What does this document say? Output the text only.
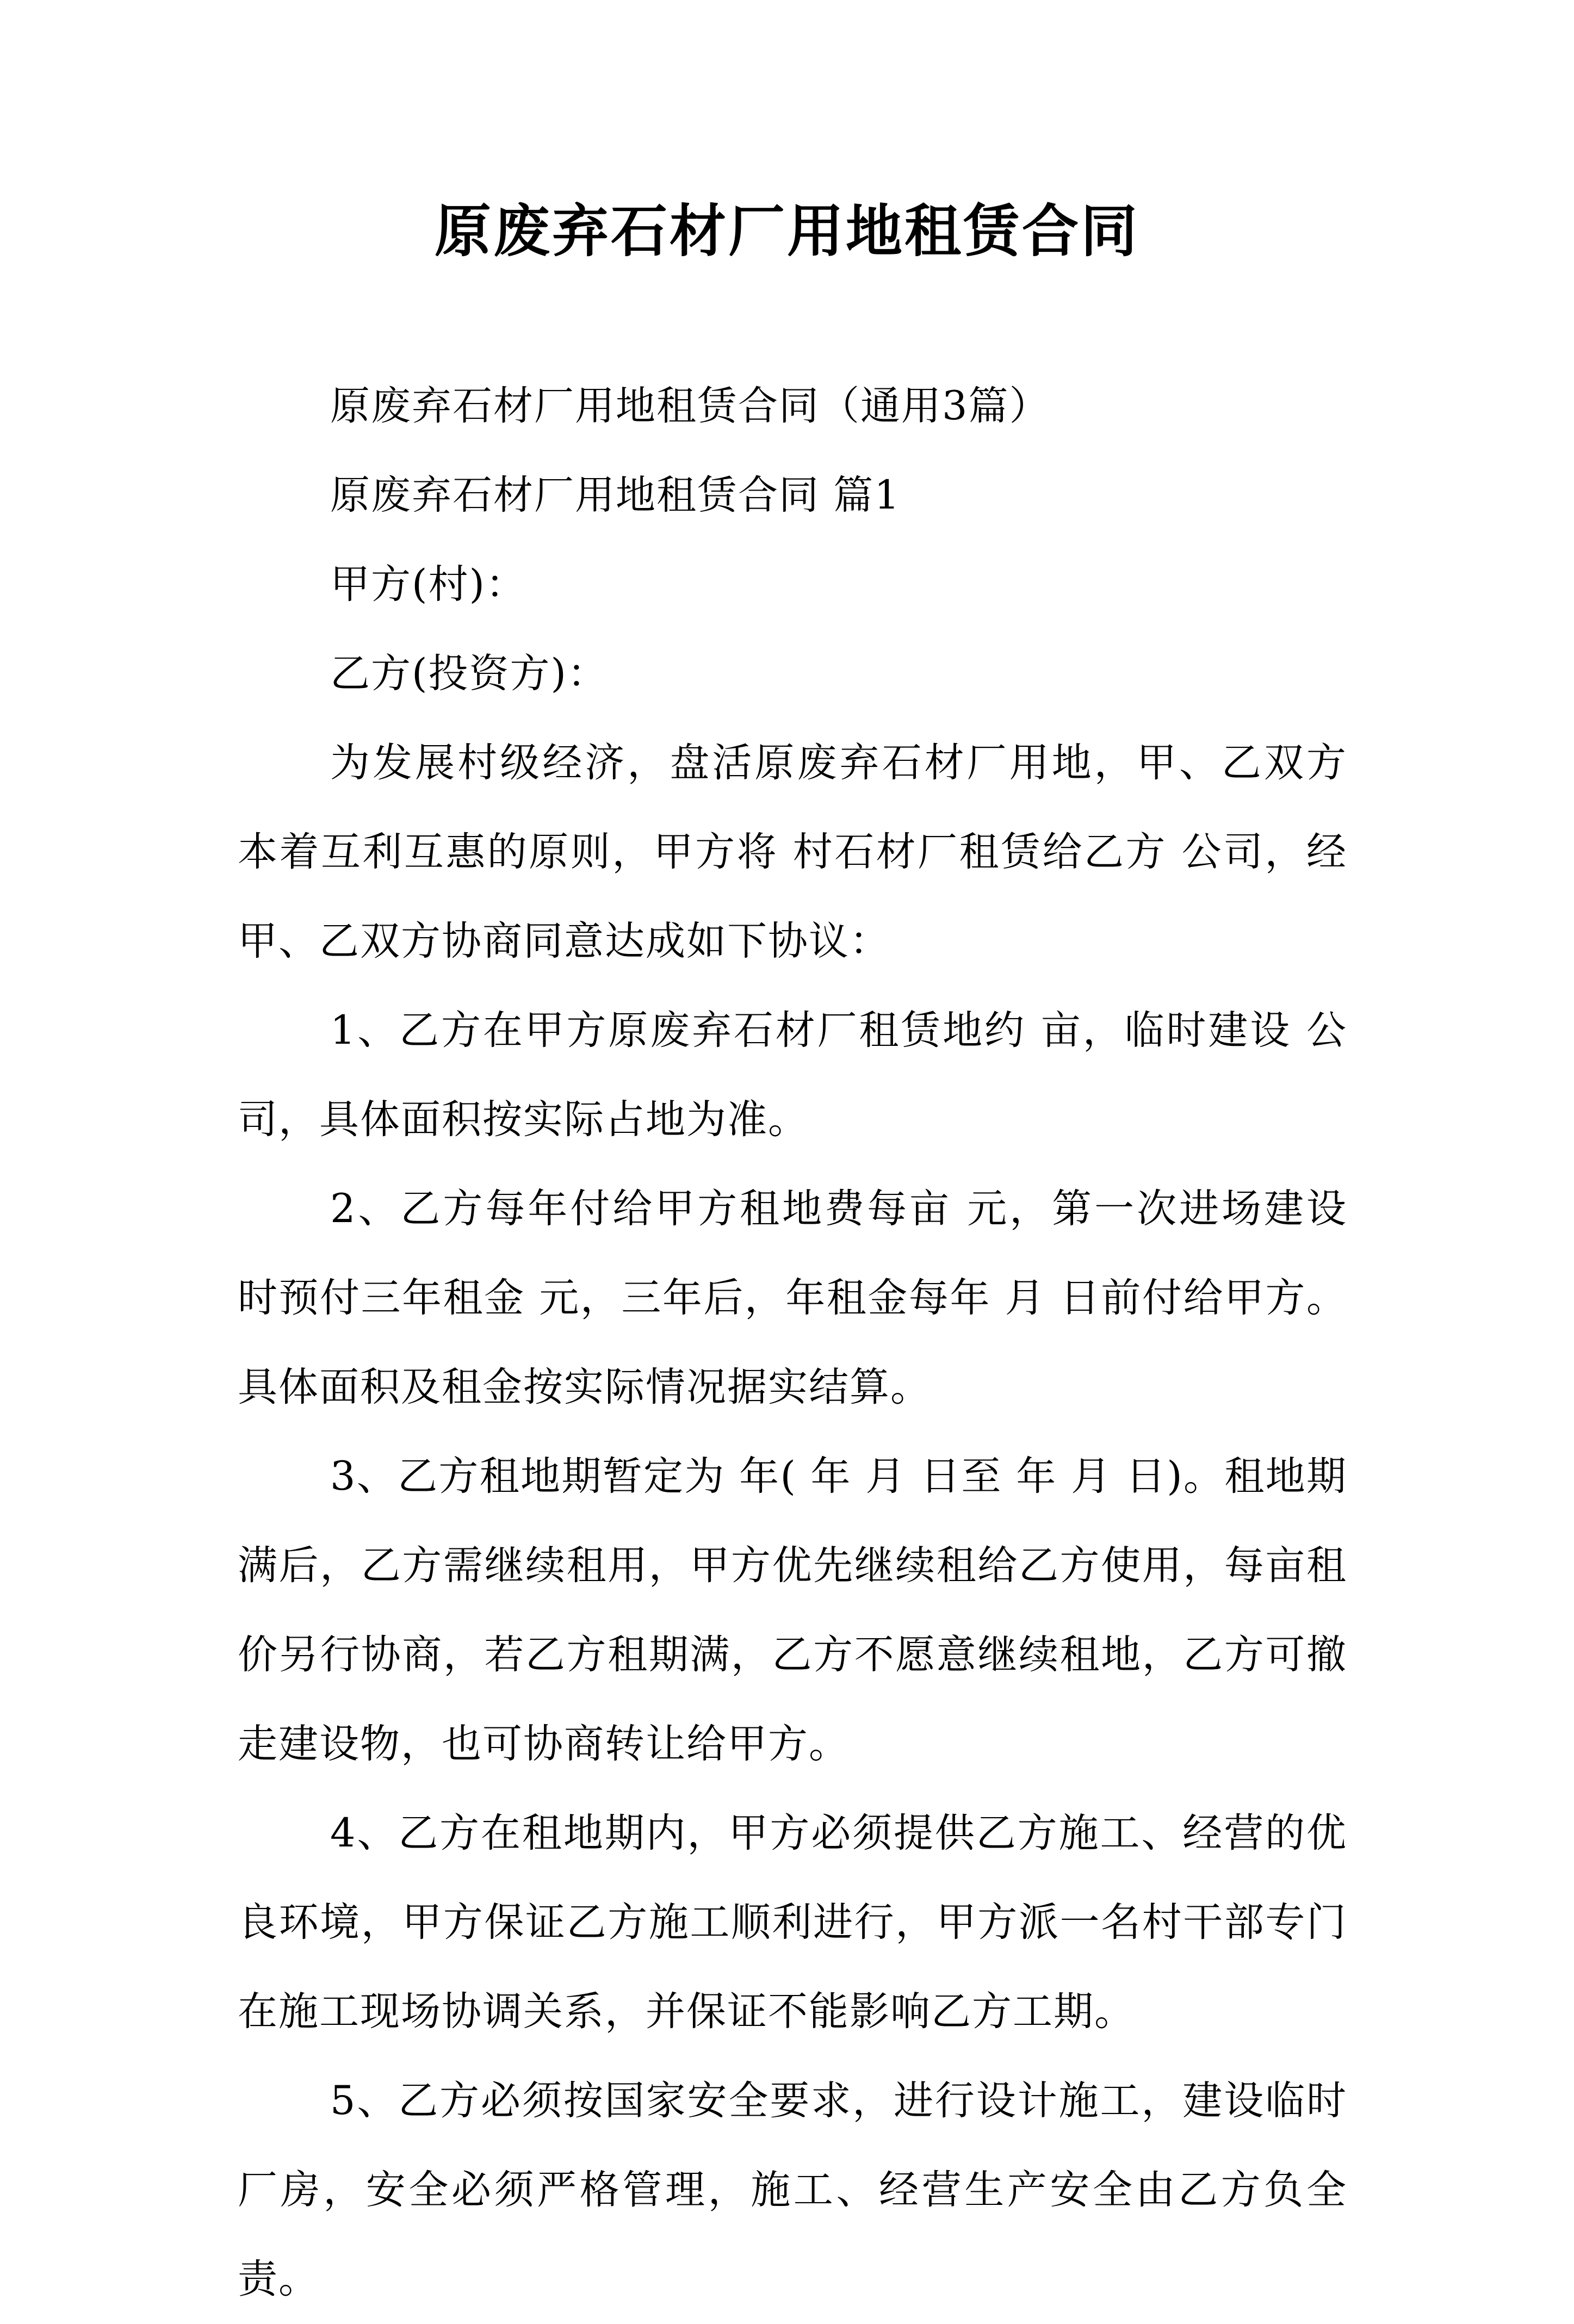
原废弃石材厂用地租赁合同

原废弃石材厂用地租赁合同（通用3篇）

原废弃石材厂用地租赁合同 篇1

甲方(村)：

乙方(投资方)：

为发展村级经济，盘活原废弃石材厂用地，甲、乙双方本着互利互惠的原则，甲方将 村石材厂租赁给乙方 公司，经甲、乙双方协商同意达成如下协议：

1、乙方在甲方原废弃石材厂租赁地约 亩，临时建设 公司，具体面积按实际占地为准。

2、乙方每年付给甲方租地费每亩 元，第一次进场建设时预付三年租金 元，三年后，年租金每年 月 日前付给甲方。具体面积及租金按实际情况据实结算。

3、乙方租地期暂定为 年( 年 月 日至 年 月 日)。租地期满后，乙方需继续租用，甲方优先继续租给乙方使用，每亩租价另行协商，若乙方租期满，乙方不愿意继续租地，乙方可撤走建设物，也可协商转让给甲方。

4、乙方在租地期内，甲方必须提供乙方施工、经营的优良环境，甲方保证乙方施工顺利进行，甲方派一名村干部专门在施工现场协调关系，并保证不能影响乙方工期。

5、乙方必须按国家安全要求，进行设计施工，建设临时厂房，安全必须严格管理，施工、经营生产安全由乙方负全责。
